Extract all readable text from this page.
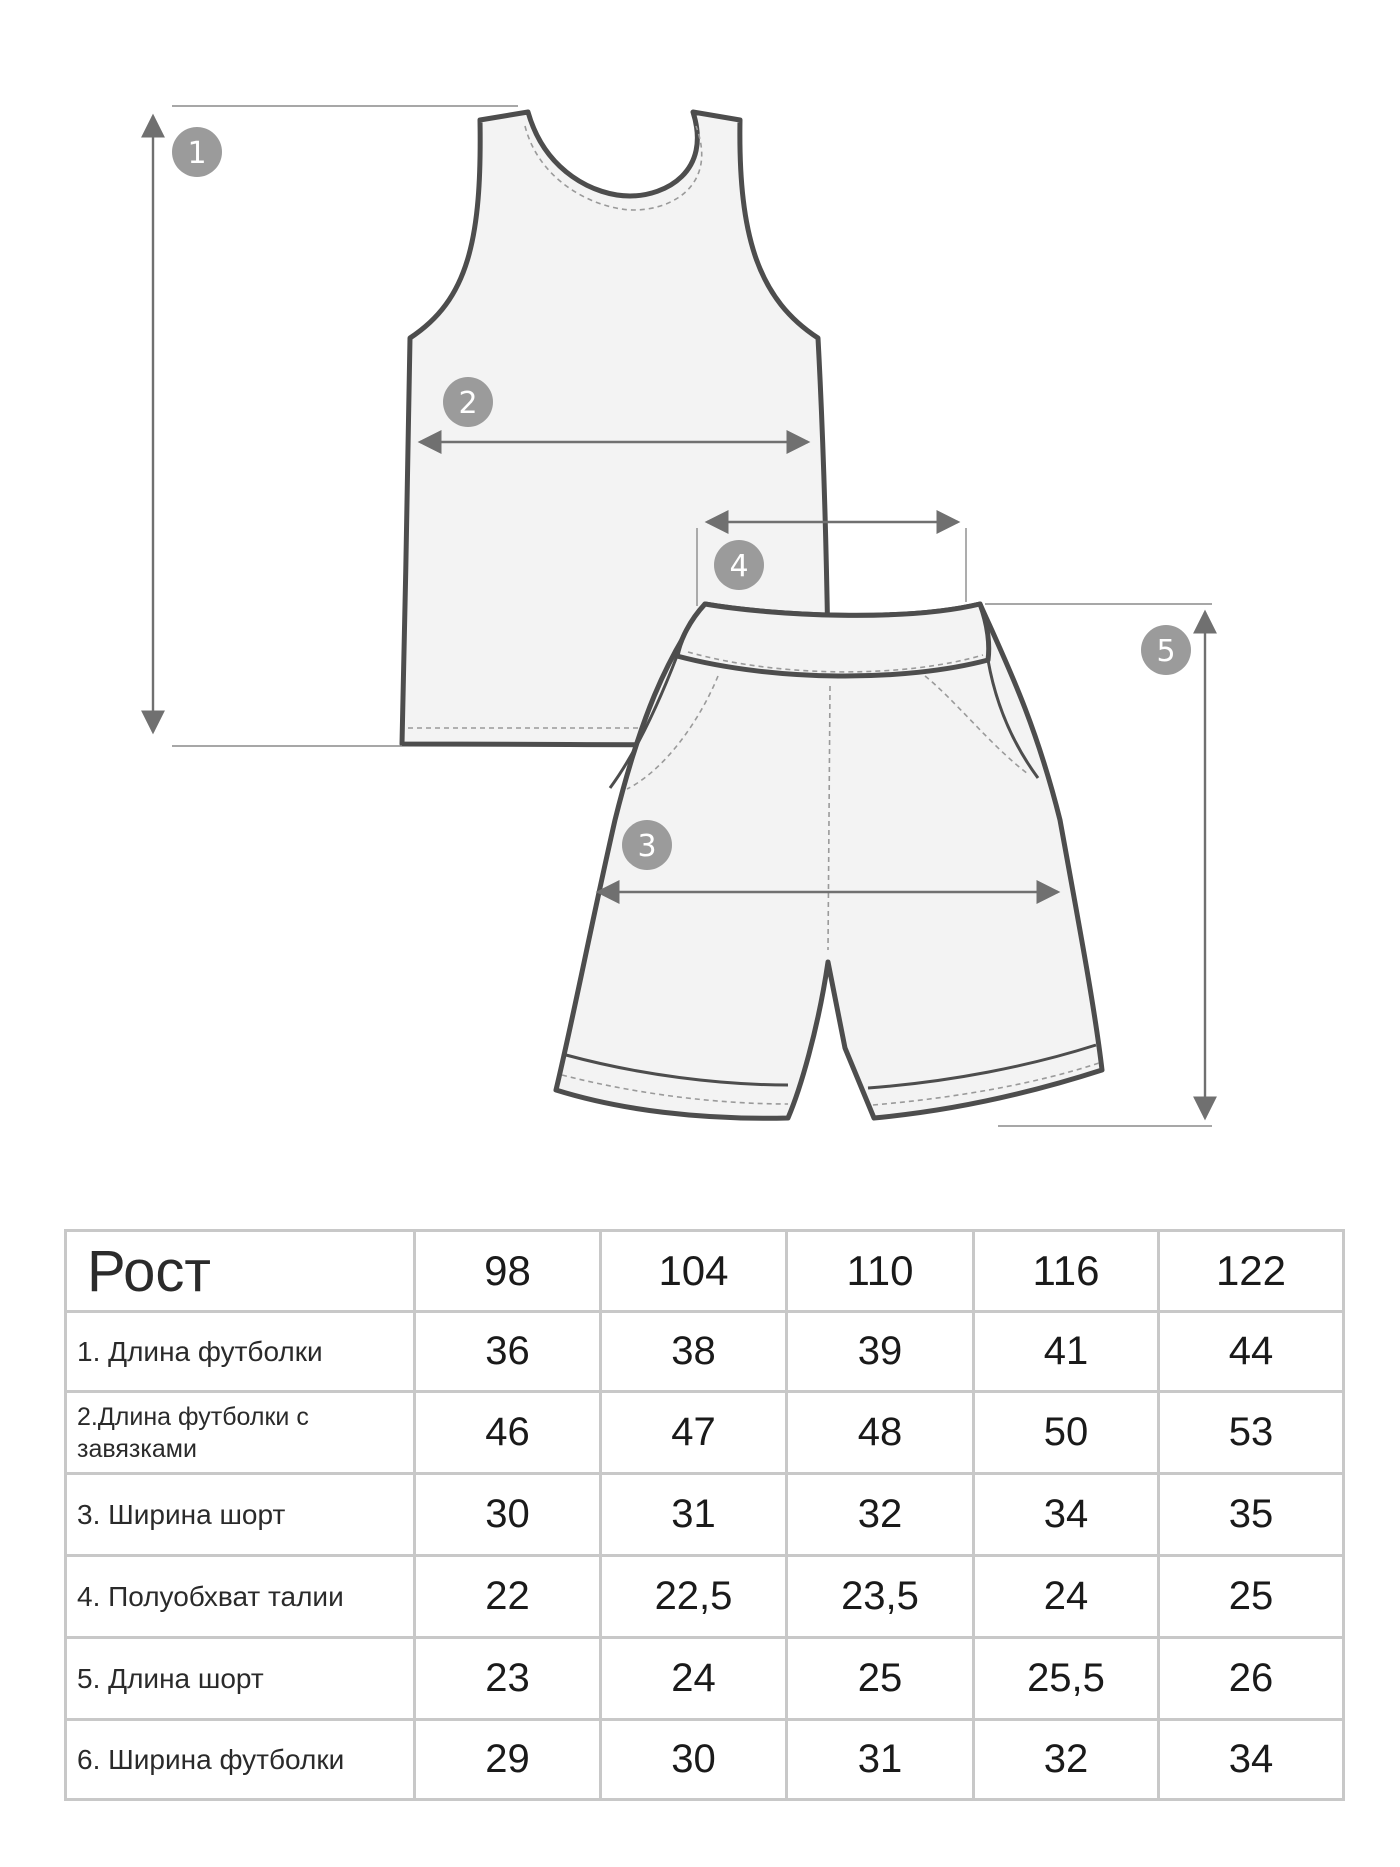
1
2
3
4
5
Рост	98	104	110	116	122
1. Длина футболки	36	38	39	41	44
2.Длина футболки с завязками	46	47	48	50	53
3. Ширина шорт	30	31	32	34	35
4. Полуобхват талии	22	22,5	23,5	24	25
5. Длина шорт	23	24	25	25,5	26
6. Ширина футболки	29	30	31	32	34
